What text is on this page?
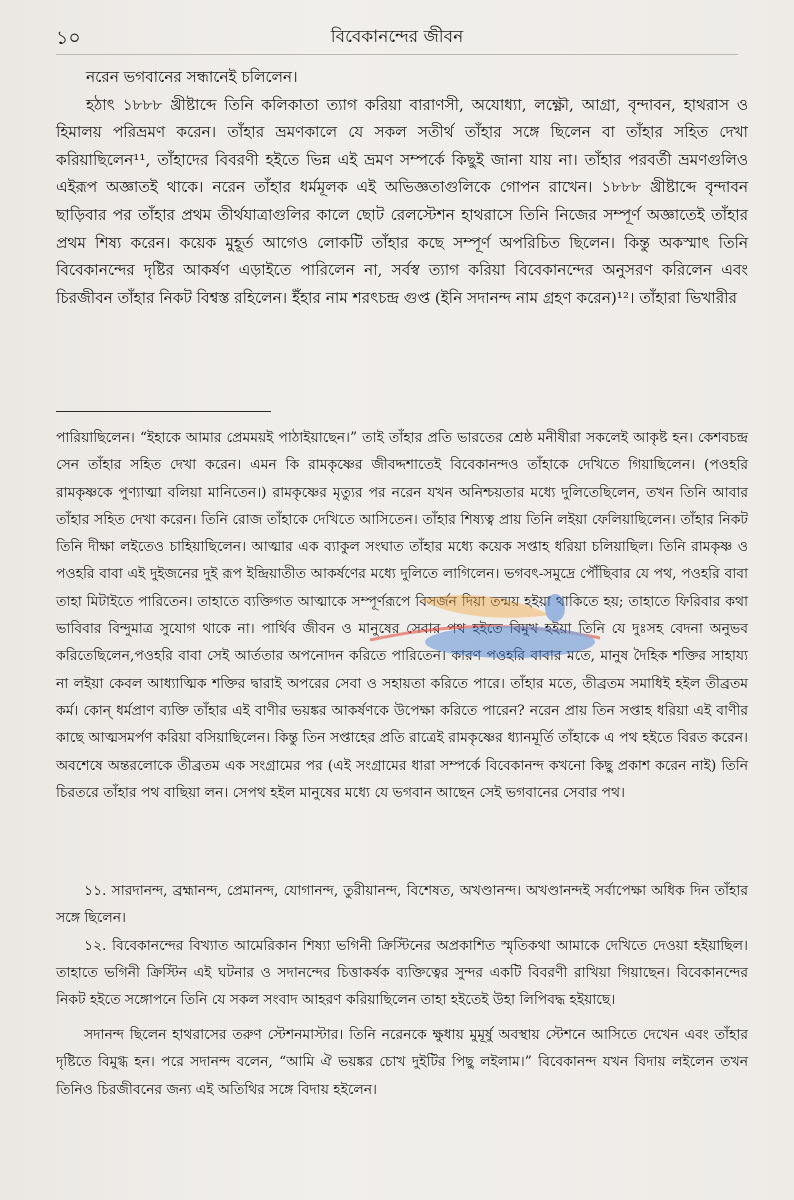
১০	বিবেকানন্দের জীবন

নরেন ভগবানের সন্ধানেই চলিলেন।

হঠাৎ ১৮৮৮ খ্রীষ্টাব্দে তিনি কলিকাতা ত্যাগ করিয়া বারাণসী, অযোধ্যা, লক্ষ্ণৌ, আগ্রা, বৃন্দাবন, হাথরাস ও হিমালয় পরিভ্রমণ করেন। তাঁহার ভ্রমণকালে যে সকল সতীর্থ তাঁহার সঙ্গে ছিলেন বা তাঁহার সহিত দেখা করিয়াছিলেন¹¹, তাঁহাদের বিবরণী হইতে ভিন্ন এই ভ্রমণ সম্পর্কে কিছুই জানা যায় না। তাঁহার পরবর্তী ভ্রমণগুলিও এইরূপ অজ্ঞাতই থাকে। নরেন তাঁহার ধর্মমূলক এই অভিজ্ঞতাগুলিকে গোপন রাখেন। ১৮৮৮ খ্রীষ্টাব্দে বৃন্দাবন ছাড়িবার পর তাঁহার প্রথম তীর্থযাত্রাগুলির কালে ছোট রেলস্টেশন হাথরাসে তিনি নিজের সম্পূর্ণ অজ্ঞাতেই তাঁহার প্রথম শিষ্য করেন। কয়েক মুহূর্ত আগেও লোকটি তাঁহার কছে সম্পূর্ণ অপরিচিত ছিলেন। কিন্তু অকস্মাৎ তিনি বিবেকানন্দের দৃষ্টির আকর্ষণ এড়াইতে পারিলেন না, সর্বস্ব ত্যাগ করিয়া বিবেকানন্দের অনুসরণ করিলেন এবং চিরজীবন তাঁহার নিকট বিশ্বস্ত রহিলেন। ইঁহার নাম শরৎচন্দ্র গুপ্ত (ইনি সদানন্দ নাম গ্রহণ করেন)¹²। তাঁহারা ভিখারীর

পারিয়াছিলেন। “ইহাকে আমার প্রেমময়ই পাঠাইয়াছেন।” তাই তাঁহার প্রতি ভারতের শ্রেষ্ঠ মনীষীরা সকলেই আকৃষ্ট হন। কেশবচন্দ্র সেন তাঁহার সহিত দেখা করেন। এমন কি রামকৃষ্ণের জীবদ্দশাতেই বিবেকানন্দও তাঁহাকে দেখিতে গিয়াছিলেন। (পওহরি রামকৃষ্ণকে পুণ্যাত্মা বলিয়া মানিতেন।) রামকৃষ্ণের মৃত্যুর পর নরেন যখন অনিশ্চয়তার মধ্যে দুলিতেছিলেন, তখন তিনি আবার তাঁহার সহিত দেখা করেন। তিনি রোজ তাঁহাকে দেখিতে আসিতেন। তাঁহার শিষ্যত্ব প্রায় তিনি লইয়া ফেলিয়াছিলেন। তাঁহার নিকট তিনি দীক্ষা লইতেও চাহিয়াছিলেন। আত্মার এক ব্যাকুল সংঘাত তাঁহার মধ্যে কয়েক সপ্তাহ ধরিয়া চলিয়াছিল। তিনি রামকৃষ্ণ ও পওহরি বাবা এই দুইজনের দুই রূপ ইন্দ্রিয়াতীত আকর্ষণের মধ্যে দুলিতে লাগিলেন। ভগবৎ-সমুদ্রে পৌঁছিবার যে পথ, পওহরি বাবা তাহা মিটাইতে পারিতেন। তাহাতে ব্যক্তিগত আত্মাকে সম্পূর্ণরূপে বিসর্জন দিয়া তন্ময় হইয়া থাকিতে হয়; তাহাতে ফিরিবার কথা ভাবিবার বিন্দুমাত্র সুযোগ থাকে না। পার্থিব জীবন ও মানুষের সেবার পথ হইতে বিমুখ হইয়া তিনি যে দুঃসহ বেদনা অনুভব করিতেছিলেন,পওহরি বাবা সেই আর্ততার অপনোদন করিতে পারিতেন। কারণ পওহরি বাবার মতে, মানুষ দৈহিক শক্তির সাহায্য না লইয়া কেবল আধ্যাত্মিক শক্তির দ্বারাই অপরের সেবা ও সহায়তা করিতে পারে। তাঁহার মতে, তীব্রতম সমাধিই হইল তীব্রতম কর্ম। কোন্ ধর্মপ্রাণ ব্যক্তি তাঁহার এই বাণীর ভয়ঙ্কর আকর্ষণকে উপেক্ষা করিতে পারেন? নরেন প্রায় তিন সপ্তাহ ধরিয়া এই বাণীর কাছে আত্মসমর্পণ করিয়া বসিয়াছিলেন। কিন্তু তিন সপ্তাহের প্রতি রাত্রেই রামকৃষ্ণের ধ্যানমূর্তি তাঁহাকে এ পথ হইতে বিরত করেন। অবশেষে অন্তরলোকে তীব্রতম এক সংগ্রামের পর (এই সংগ্রামের ধারা সম্পর্কে বিবেকানন্দ কখনো কিছু প্রকাশ করেন নাই) তিনি চিরতরে তাঁহার পথ বাছিয়া লন। সেপথ হইল মানুষের মধ্যে যে ভগবান আছেন সেই ভগবানের সেবার পথ।

১১. সারদানন্দ, ব্রহ্মানন্দ, প্রেমানন্দ, যোগানন্দ, তুরীয়ানন্দ, বিশেষত, অখণ্ডানন্দ। অখণ্ডানন্দই সর্বাপেক্ষা অধিক দিন তাঁহার সঙ্গে ছিলেন।

১২. বিবেকানন্দের বিখ্যাত আমেরিকান শিষ্যা ভগিনী ক্রিস্টিনের অপ্রকাশিত স্মৃতিকথা আমাকে দেখিতে দেওয়া হইয়াছিল। তাহাতে ভগিনী ক্রিস্টিন এই ঘটনার ও সদানন্দের চিত্তাকর্ষক ব্যক্তিত্বের সুন্দর একটি বিবরণী রাখিয়া গিয়াছেন। বিবেকানন্দের নিকট হইতে সঙ্গোপনে তিনি যে সকল সংবাদ আহরণ করিয়াছিলেন তাহা হইতেই উহা লিপিবদ্ধ হইয়াছে।

সদানন্দ ছিলেন হাথরাসের তরুণ স্টেশনমাস্টার। তিনি নরেনকে ক্ষুধায় মুমূর্ষু অবস্থায় স্টেশনে আসিতে দেখেন এবং তাঁহার দৃষ্টিতে বিমুগ্ধ হন। পরে সদানন্দ বলেন, “আমি ঐ ভয়ঙ্কর চোখ দুইটির পিছু লইলাম।” বিবেকানন্দ যখন বিদায় লইলেন তখন তিনিও চিরজীবনের জন্য এই অতিথির সঙ্গে বিদায় হইলেন।
